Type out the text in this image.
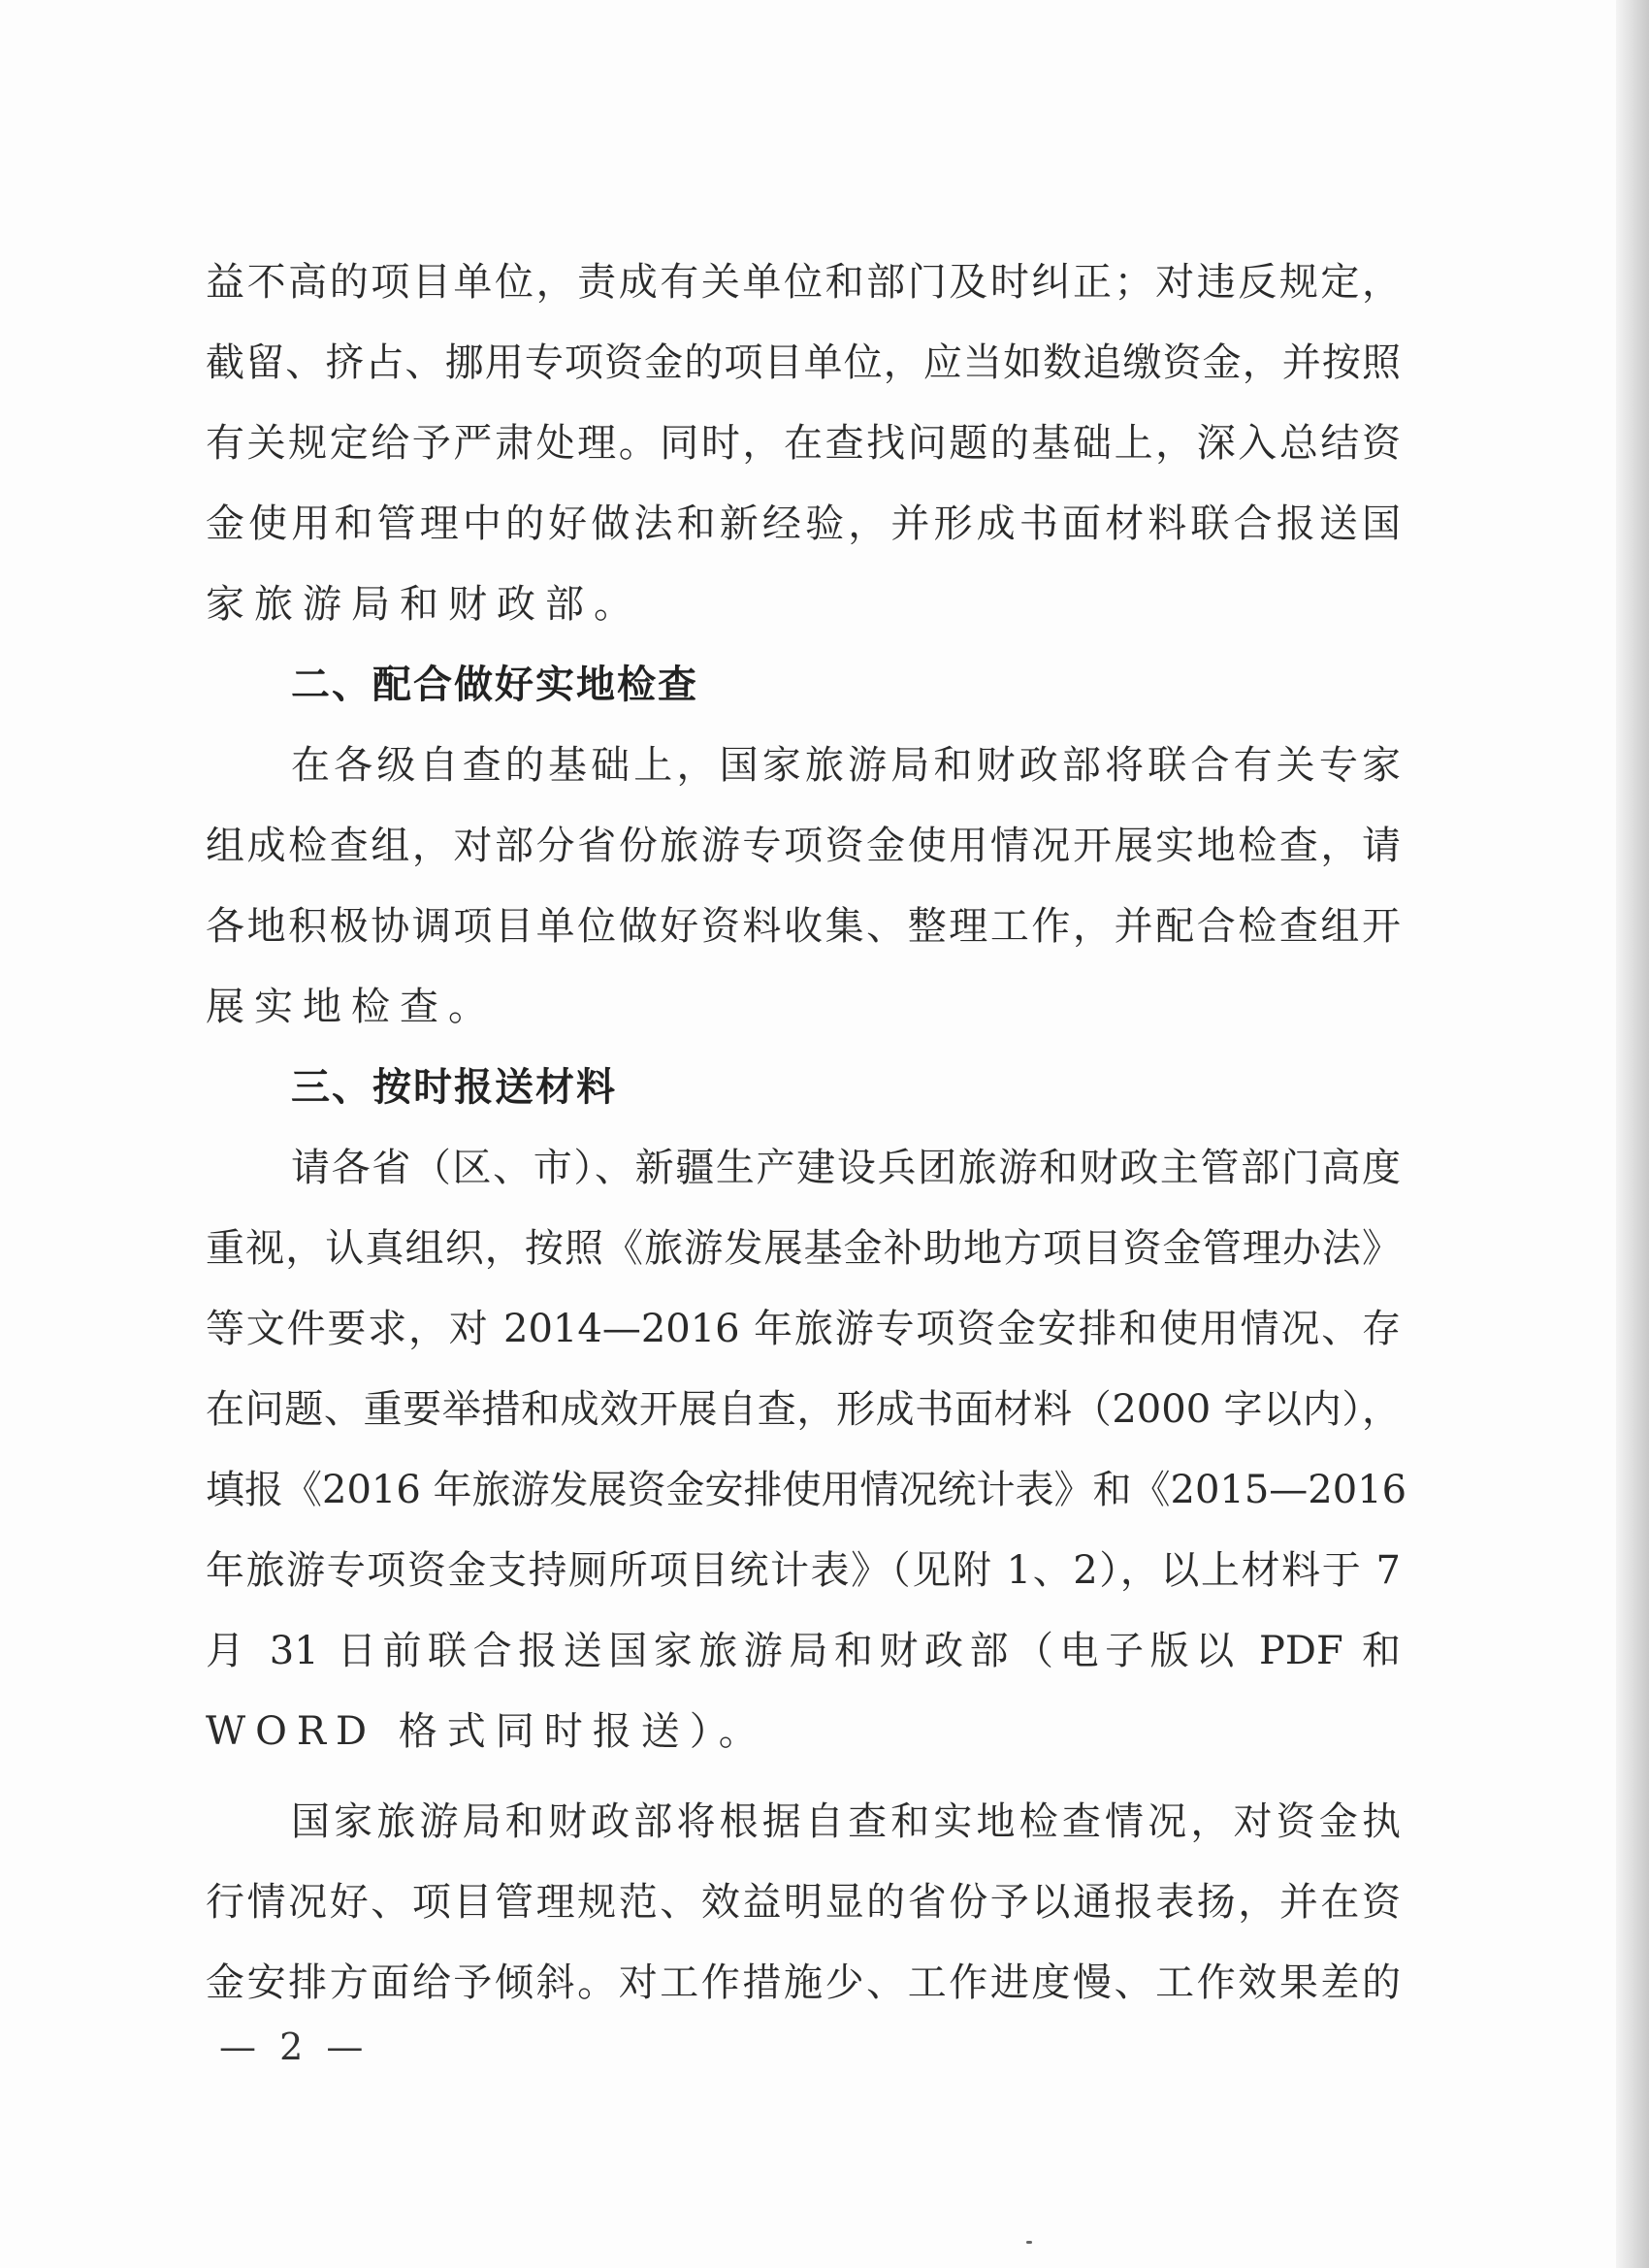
益不高的项目单位，责成有关单位和部门及时纠正；对违反规定，
截留、挤占、挪用专项资金的项目单位，应当如数追缴资金，并按照
有关规定给予严肃处理。同时，在查找问题的基础上，深入总结资
金使用和管理中的好做法和新经验，并形成书面材料联合报送国
家旅游局和财政部。
二、配合做好实地检查
在各级自查的基础上，国家旅游局和财政部将联合有关专家
组成检查组，对部分省份旅游专项资金使用情况开展实地检查，请
各地积极协调项目单位做好资料收集、整理工作，并配合检查组开
展实地检查。
三、按时报送材料
请各省（区、市）、新疆生产建设兵团旅游和财政主管部门高度
重视，认真组织，按照《旅游发展基金补助地方项目资金管理办法》
等文件要求，对 2014—2016 年旅游专项资金安排和使用情况、存
在问题、重要举措和成效开展自查，形成书面材料（2000 字以内），
填报《2016 年旅游发展资金安排使用情况统计表》和《2015—2016
年旅游专项资金支持厕所项目统计表》（见附 1、2），以上材料于 7
月 31 日前联合报送国家旅游局和财政部（电子版以 PDF 和
WORD 格式同时报送）。
国家旅游局和财政部将根据自查和实地检查情况，对资金执
行情况好、项目管理规范、效益明显的省份予以通报表扬，并在资
金安排方面给予倾斜。对工作措施少、工作进度慢、工作效果差的
— 2 —
